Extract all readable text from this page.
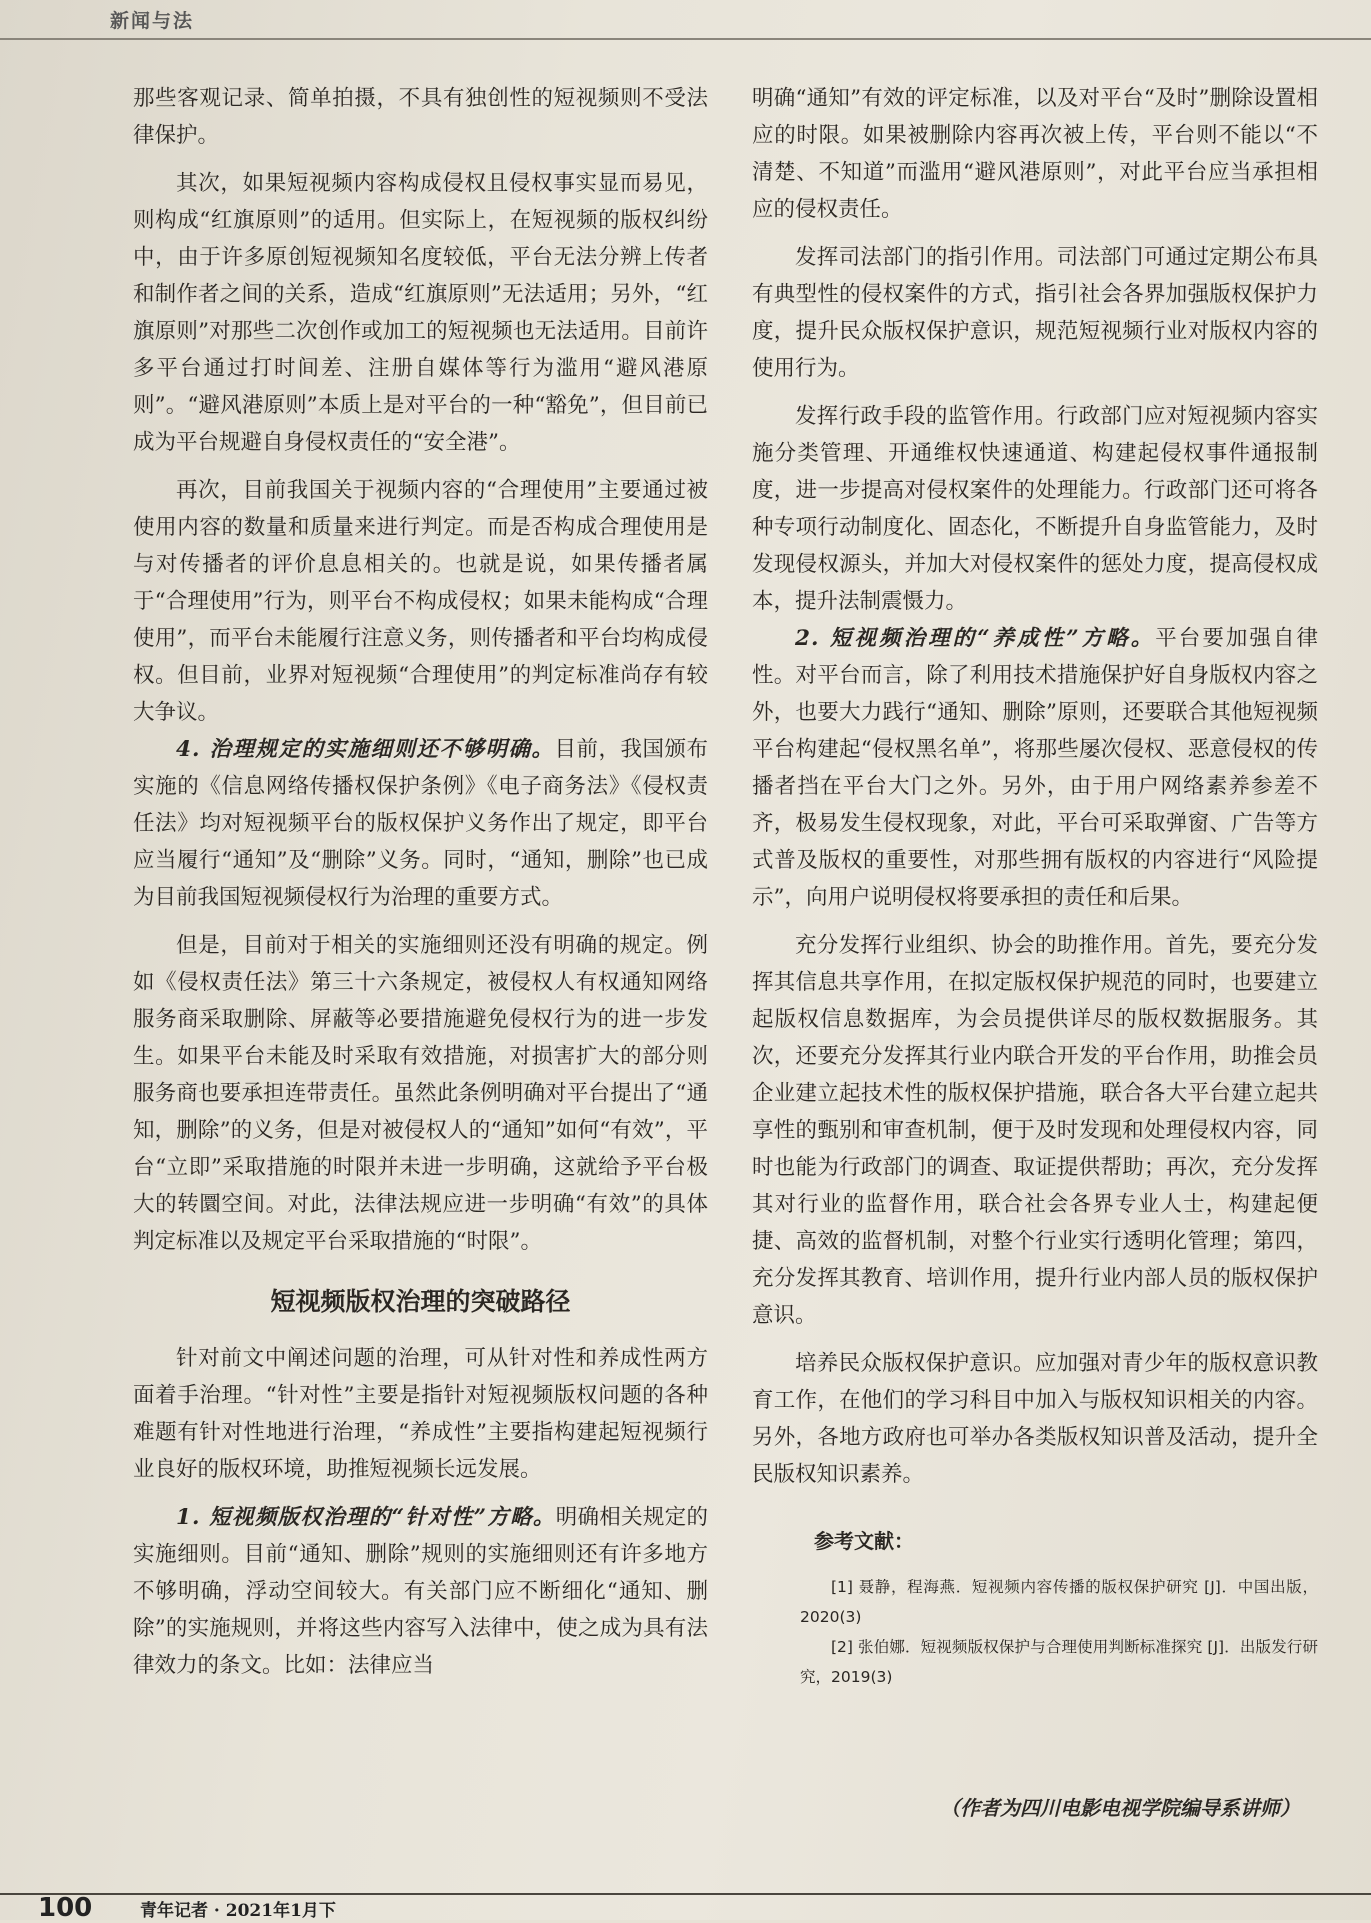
新闻与法

那些客观记录、简单拍摄，不具有独创性的短视频则不受法律保护。

其次，如果短视频内容构成侵权且侵权事实显而易见，则构成“红旗原则”的适用。但实际上，在短视频的版权纠纷中，由于许多原创短视频知名度较低，平台无法分辨上传者和制作者之间的关系，造成“红旗原则”无法适用；另外，“红旗原则”对那些二次创作或加工的短视频也无法适用。目前许多平台通过打时间差、注册自媒体等行为滥用“避风港原则”。“避风港原则”本质上是对平台的一种“豁免”，但目前已成为平台规避自身侵权责任的“安全港”。

再次，目前我国关于视频内容的“合理使用”主要通过被使用内容的数量和质量来进行判定。而是否构成合理使用是与对传播者的评价息息相关的。也就是说，如果传播者属于“合理使用”行为，则平台不构成侵权；如果未能构成“合理使用”，而平台未能履行注意义务，则传播者和平台均构成侵权。但目前，业界对短视频“合理使用”的判定标准尚存有较大争议。

4. 治理规定的实施细则还不够明确。目前，我国颁布实施的《信息网络传播权保护条例》《电子商务法》《侵权责任法》均对短视频平台的版权保护义务作出了规定，即平台应当履行“通知”及“删除”义务。同时，“通知，删除”也已成为目前我国短视频侵权行为治理的重要方式。

但是，目前对于相关的实施细则还没有明确的规定。例如《侵权责任法》第三十六条规定，被侵权人有权通知网络服务商采取删除、屏蔽等必要措施避免侵权行为的进一步发生。如果平台未能及时采取有效措施，对损害扩大的部分则服务商也要承担连带责任。虽然此条例明确对平台提出了“通知，删除”的义务，但是对被侵权人的“通知”如何“有效”，平台“立即”采取措施的时限并未进一步明确，这就给予平台极大的转圜空间。对此，法律法规应进一步明确“有效”的具体判定标准以及规定平台采取措施的“时限”。

短视频版权治理的突破路径

针对前文中阐述问题的治理，可从针对性和养成性两方面着手治理。“针对性”主要是指针对短视频版权问题的各种难题有针对性地进行治理，“养成性”主要指构建起短视频行业良好的版权环境，助推短视频长远发展。

1. 短视频版权治理的“针对性”方略。明确相关规定的实施细则。目前“通知、删除”规则的实施细则还有许多地方不够明确，浮动空间较大。有关部门应不断细化“通知、删除”的实施规则，并将这些内容写入法律中，使之成为具有法律效力的条文。比如：法律应当

明确“通知”有效的评定标准，以及对平台“及时”删除设置相应的时限。如果被删除内容再次被上传，平台则不能以“不清楚、不知道”而滥用“避风港原则”，对此平台应当承担相应的侵权责任。

发挥司法部门的指引作用。司法部门可通过定期公布具有典型性的侵权案件的方式，指引社会各界加强版权保护力度，提升民众版权保护意识，规范短视频行业对版权内容的使用行为。

发挥行政手段的监管作用。行政部门应对短视频内容实施分类管理、开通维权快速通道、构建起侵权事件通报制度，进一步提高对侵权案件的处理能力。行政部门还可将各种专项行动制度化、固态化，不断提升自身监管能力，及时发现侵权源头，并加大对侵权案件的惩处力度，提高侵权成本，提升法制震慑力。

2. 短视频治理的“养成性”方略。平台要加强自律性。对平台而言，除了利用技术措施保护好自身版权内容之外，也要大力践行“通知、删除”原则，还要联合其他短视频平台构建起“侵权黑名单”，将那些屡次侵权、恶意侵权的传播者挡在平台大门之外。另外，由于用户网络素养参差不齐，极易发生侵权现象，对此，平台可采取弹窗、广告等方式普及版权的重要性，对那些拥有版权的内容进行“风险提示”，向用户说明侵权将要承担的责任和后果。

充分发挥行业组织、协会的助推作用。首先，要充分发挥其信息共享作用，在拟定版权保护规范的同时，也要建立起版权信息数据库，为会员提供详尽的版权数据服务。其次，还要充分发挥其行业内联合开发的平台作用，助推会员企业建立起技术性的版权保护措施，联合各大平台建立起共享性的甄别和审查机制，便于及时发现和处理侵权内容，同时也能为行政部门的调查、取证提供帮助；再次，充分发挥其对行业的监督作用，联合社会各界专业人士，构建起便捷、高效的监督机制，对整个行业实行透明化管理；第四，充分发挥其教育、培训作用，提升行业内部人员的版权保护意识。

培养民众版权保护意识。应加强对青少年的版权意识教育工作，在他们的学习科目中加入与版权知识相关的内容。另外，各地方政府也可举办各类版权知识普及活动，提升全民版权知识素养。

参考文献：

[1] 聂静，程海燕．短视频内容传播的版权保护研究 [J]．中国出版，2020(3)

[2] 张伯娜．短视频版权保护与合理使用判断标准探究 [J]．出版发行研究，2019(3)

（作者为四川电影电视学院编导系讲师）
100	青年记者 · 2021年1月下
